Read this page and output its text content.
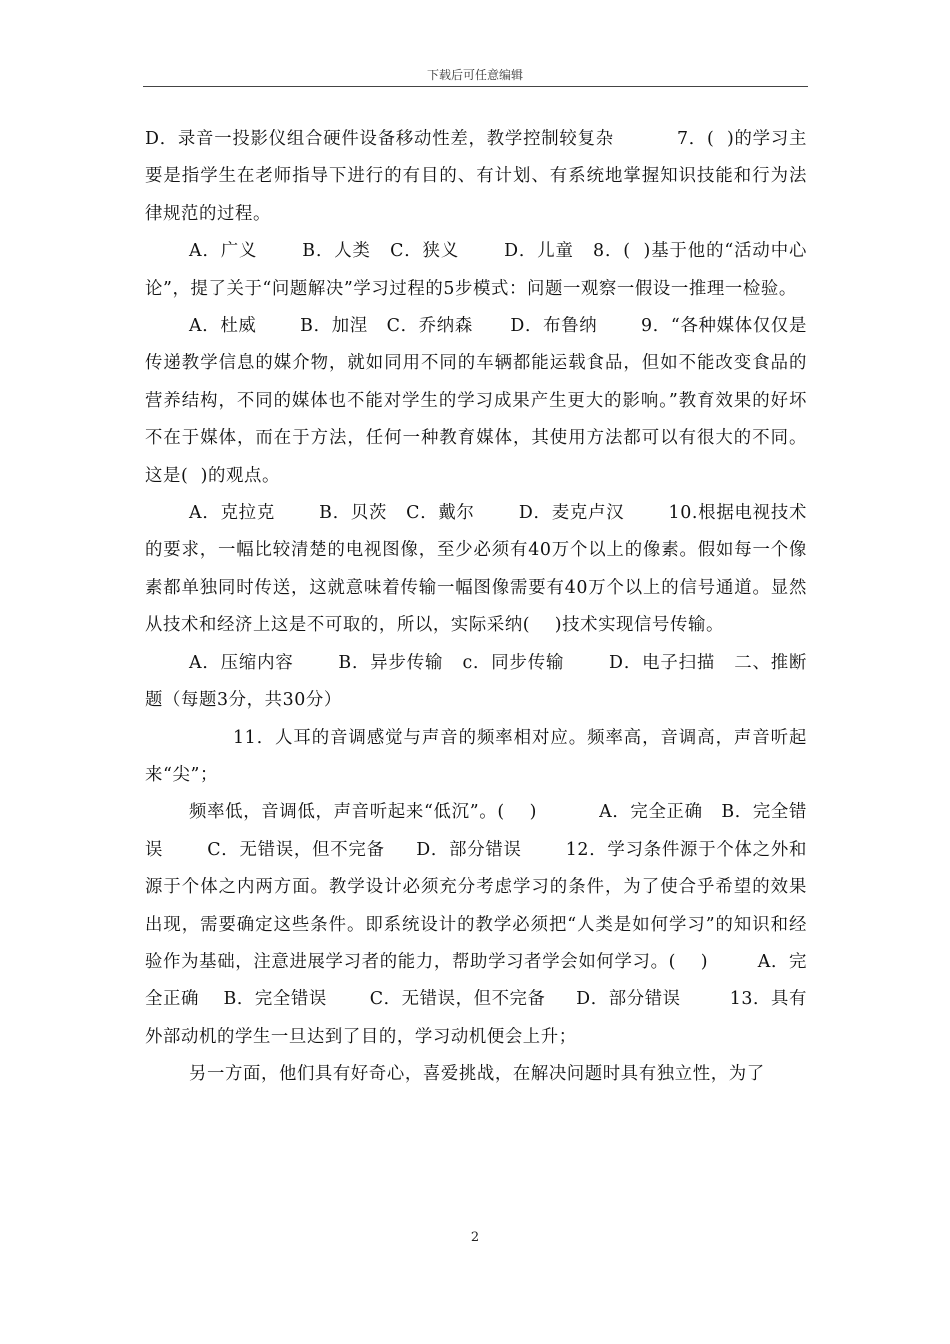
下载后可任意编辑

D．录音一投影仪组合硬件设备移动性差，教学控制较复杂          7．(  )的学习主要是指学生在老师指导下进行的有目的、有计划、有系统地掌握知识技能和行为法律规范的过程。

A．广义       B．人类   C．狭义       D．儿童   8．(  )基于他的“活动中心论”，提了关于“问题解决”学习过程的5步模式：问题一观察一假设一推理一检验。

A．杜威       B．加涅   C．乔纳森      D．布鲁纳       9．“各种媒体仅仅是传递教学信息的媒介物，就如同用不同的车辆都能运载食品，但如不能改变食品的营养结构，不同的媒体也不能对学生的学习成果产生更大的影响。”教育效果的好坏不在于媒体，而在于方法，任何一种教育媒体，其使用方法都可以有很大的不同。这是(  )的观点。

A．克拉克       B．贝茨   C．戴尔       D．麦克卢汉       10.根据电视技术的要求，一幅比较清楚的电视图像，至少必须有40万个以上的像素。假如每一个像素都单独同时传送，这就意味着传输一幅图像需要有40万个以上的信号通道。显然从技术和经济上这是不可取的，所以，实际采纳(    )技术实现信号传输。

A．压缩内容       B．异步传输   c．同步传输       D．电子扫描   二、推断题（每题3分，共30分）

11．人耳的音调感觉与声音的频率相对应。频率高，音调高，声音听起来“尖”；

频率低，音调低，声音听起来“低沉”。(    )          A．完全正确   B．完全错误       C．无错误，但不完备     D．部分错误       12．学习条件源于个体之外和源于个体之内两方面。教学设计必须充分考虑学习的条件，为了使合乎希望的效果出现，需要确定这些条件。即系统设计的教学必须把“人类是如何学习”的知识和经验作为基础，注意进展学习者的能力，帮助学习者学会如何学习。(    )        A．完全正确    B．完全错误       C．无错误，但不完备     D．部分错误        13．具有外部动机的学生一旦达到了目的，学习动机便会上升；

另一方面，他们具有好奇心，喜爱挑战，在解决问题时具有独立性，为了

2
